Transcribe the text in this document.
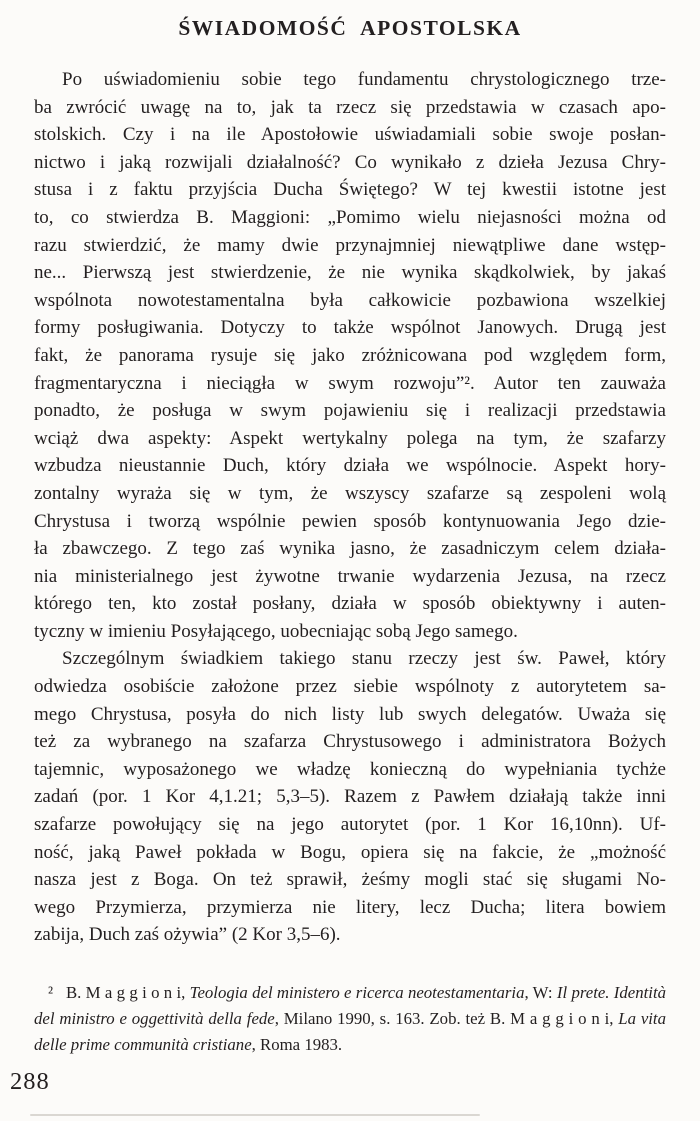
ŚWIADOMOŚĆ APOSTOLSKA
Po uświadomieniu sobie tego fundamentu chrystologicznego trze-
ba zwrócić uwagę na to, jak ta rzecz się przedstawia w czasach apo-
stolskich. Czy i na ile Apostołowie uświadamiali sobie swoje posłan-
nictwo i jaką rozwijali działalność? Co wynikało z dzieła Jezusa Chry-
stusa i z faktu przyjścia Ducha Świętego? W tej kwestii istotne jest
to, co stwierdza B. Maggioni: „Pomimo wielu niejasności można od
razu stwierdzić, że mamy dwie przynajmniej niewątpliwe dane wstęp-
ne... Pierwszą jest stwierdzenie, że nie wynika skądkolwiek, by jakaś
wspólnota nowotestamentalna była całkowicie pozbawiona wszelkiej
formy posługiwania. Dotyczy to także wspólnot Janowych. Drugą jest
fakt, że panorama rysuje się jako zróżnicowana pod względem form,
fragmentaryczna i nieciągła w swym rozwoju”². Autor ten zauważa
ponadto, że posługa w swym pojawieniu się i realizacji przedstawia
wciąż dwa aspekty: Aspekt wertykalny polega na tym, że szafarzy
wzbudza nieustannie Duch, który działa we wspólnocie. Aspekt hory-
zontalny wyraża się w tym, że wszyscy szafarze są zespoleni wolą
Chrystusa i tworzą wspólnie pewien sposób kontynuowania Jego dzie-
ła zbawczego. Z tego zaś wynika jasno, że zasadniczym celem działa-
nia ministerialnego jest żywotne trwanie wydarzenia Jezusa, na rzecz
którego ten, kto został posłany, działa w sposób obiektywny i auten-
tyczny w imieniu Posyłającego, uobecniając sobą Jego samego.
Szczególnym świadkiem takiego stanu rzeczy jest św. Paweł, który
odwiedza osobiście założone przez siebie wspólnoty z autorytetem sa-
mego Chrystusa, posyła do nich listy lub swych delegatów. Uważa się
też za wybranego na szafarza Chrystusowego i administratora Bożych
tajemnic, wyposażonego we władzę konieczną do wypełniania tychże
zadań (por. 1 Kor 4,1.21; 5,3–5). Razem z Pawłem działają także inni
szafarze powołujący się na jego autorytet (por. 1 Kor 16,10nn). Uf-
ność, jaką Paweł pokłada w Bogu, opiera się na fakcie, że „możność
nasza jest z Boga. On też sprawił, żeśmy mogli stać się sługami No-
wego Przymierza, przymierza nie litery, lecz Ducha; litera bowiem
zabija, Duch zaś ożywia” (2 Kor 3,5–6).
²   B. M a g g i o n i, Teologia del ministero e ricerca neotestamentaria, W: Il prete. Identità del ministro e oggettività della fede, Milano 1990, s. 163. Zob. też B. M a g g i o n i, La vita delle prime communità cristiane, Roma 1983.
288
